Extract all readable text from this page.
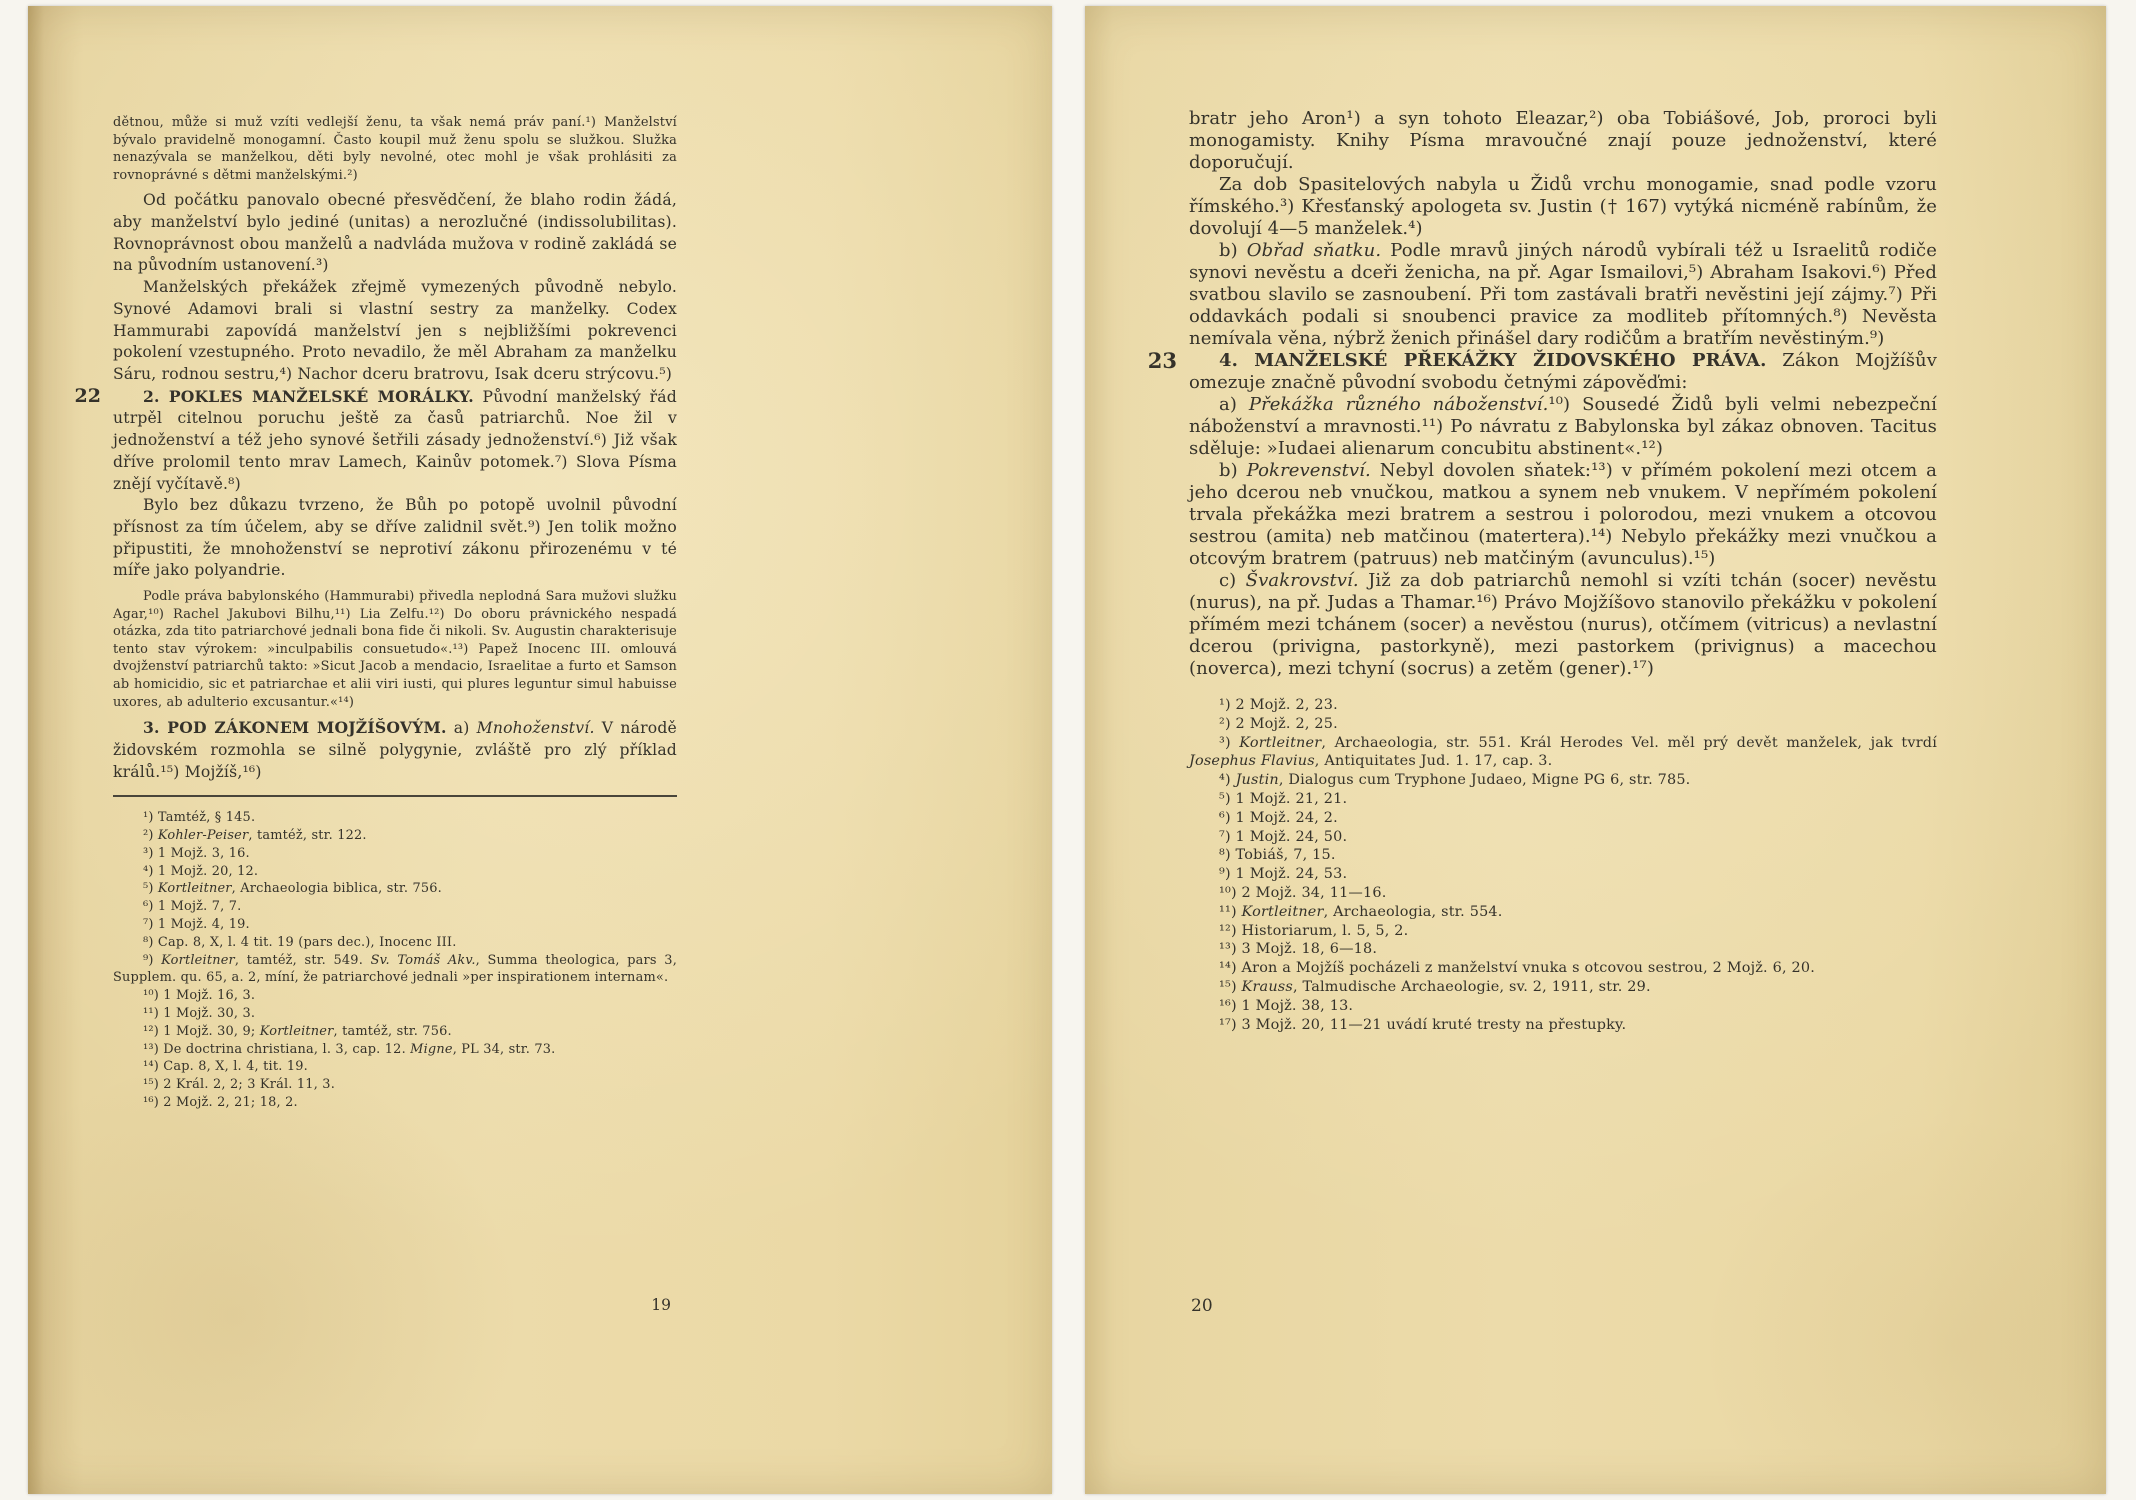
dětnou, může si muž vzíti vedlejší ženu, ta však nemá práv paní.¹) Manželství bývalo pravidelně monogamní. Často koupil muž ženu spolu se služkou. Služka nenazývala se manželkou, děti byly nevolné, otec mohl je však prohlásiti za rovnoprávné s dětmi manželskými.²)

Od počátku panovalo obecné přesvědčení, že blaho rodin žádá, aby manželství bylo jediné (unitas) a nerozlučné (indissolubilitas). Rovnoprávnost obou manželů a nadvláda mužova v rodině zakládá se na původním ustanovení.³)

Manželských překážek zřejmě vymezených původně nebylo. Synové Adamovi brali si vlastní sestry za manželky. Codex Hammurabi zapovídá manželství jen s nejbližšími pokrevenci pokolení vzestupného. Proto nevadilo, že měl Abraham za manželku Sáru, rodnou sestru,⁴) Nachor dceru bratrovu, Isak dceru strýcovu.⁵)

22	2. POKLES MANŽELSKÉ MORÁLKY. Původní manželský řád utrpěl citelnou poruchu ještě za časů patriarchů. Noe žil v jednoženství a též jeho synové šetřili zásady jednoženství.⁶) Již však dříve prolomil tento mrav Lamech, Kainův potomek.⁷) Slova Písma znějí vyčítavě.⁸)

Bylo bez důkazu tvrzeno, že Bůh po potopě uvolnil původní přísnost za tím účelem, aby se dříve zalidnil svět.⁹) Jen tolik možno připustiti, že mnohoženství se neprotiví zákonu přirozenému v té míře jako polyandrie.

Podle práva babylonského (Hammurabi) přivedla neplodná Sara mužovi služku Agar,¹⁰) Rachel Jakubovi Bilhu,¹¹) Lia Zelfu.¹²) Do oboru právnického nespadá otázka, zda tito patriarchové jednali bona fide či nikoli. Sv. Augustin charakterisuje tento stav výrokem: »inculpabilis consuetudo«.¹³) Papež Inocenc III. omlouvá dvojženství patriarchů takto: »Sicut Jacob a mendacio, Israelitae a furto et Samson ab homicidio, sic et patriarchae et alii viri iusti, qui plures leguntur simul habuisse uxores, ab adulterio excusantur.«¹⁴)

3. POD ZÁKONEM MOJŽÍŠOVÝM. a) Mnohoženství. V národě židovském rozmohla se silně polygynie, zvláště pro zlý příklad králů.¹⁵) Mojžíš,¹⁶)

¹) Tamtéž, § 145.

²) Kohler-Peiser, tamtéž, str. 122.

³) 1 Mojž. 3, 16.

⁴) 1 Mojž. 20, 12.

⁵) Kortleitner, Archaeologia biblica, str. 756.

⁶) 1 Mojž. 7, 7.

⁷) 1 Mojž. 4, 19.

⁸) Cap. 8, X, l. 4 tit. 19 (pars dec.), Inocenc III.

⁹) Kortleitner, tamtéž, str. 549. Sv. Tomáš Akv., Summa theologica, pars 3, Supplem. qu. 65, a. 2, míní, že patriarchové jednali »per inspirationem internam«.

¹⁰) 1 Mojž. 16, 3.

¹¹) 1 Mojž. 30, 3.

¹²) 1 Mojž. 30, 9; Kortleitner, tamtéž, str. 756.

¹³) De doctrina christiana, l. 3, cap. 12. Migne, PL 34, str. 73.

¹⁴) Cap. 8, X, l. 4, tit. 19.

¹⁵) 2 Král. 2, 2; 3 Král. 11, 3.

¹⁶) 2 Mojž. 2, 21; 18, 2.

19

bratr jeho Aron¹) a syn tohoto Eleazar,²) oba Tobiášové, Job, proroci byli monogamisty. Knihy Písma mravoučné znají pouze jednoženství, které doporučují.

Za dob Spasitelových nabyla u Židů vrchu monogamie, snad podle vzoru římského.³) Křesťanský apologeta sv. Justin († 167) vytýká nicméně rabínům, že dovolují 4—5 manželek.⁴)

b) Obřad sňatku. Podle mravů jiných národů vybírali též u Israelitů rodiče synovi nevěstu a dceři ženicha, na př. Agar Ismailovi,⁵) Abraham Isakovi.⁶) Před svatbou slavilo se zasnoubení. Při tom zastávali bratři nevěstini její zájmy.⁷) Při oddavkách podali si snoubenci pravice za modliteb přítomných.⁸) Nevěsta nemívala věna, nýbrž ženich přinášel dary rodičům a bratřím nevěstiným.⁹)

23 4. MANŽELSKÉ PŘEKÁŽKY ŽIDOVSKÉHO PRÁVA. Zákon Mojžíšův omezuje značně původní svobodu četnými zápověďmi:

a) Překážka různého náboženství.¹⁰) Sousedé Židů byli velmi nebezpeční náboženství a mravnosti.¹¹) Po návratu z Babylonska byl zákaz obnoven. Tacitus sděluje: »Iudaei alienarum concubitu abstinent«.¹²)

b) Pokrevenství. Nebyl dovolen sňatek:¹³) v přímém pokolení mezi otcem a jeho dcerou neb vnučkou, matkou a synem neb vnukem. V nepřímém pokolení trvala překážka mezi bratrem a sestrou i polorodou, mezi vnukem a otcovou sestrou (amita) neb matčinou (matertera).¹⁴) Nebylo překážky mezi vnučkou a otcovým bratrem (patruus) neb matčiným (avunculus).¹⁵)

c) Švakrovství. Již za dob patriarchů nemohl si vzíti tchán (socer) nevěstu (nurus), na př. Judas a Thamar.¹⁶) Právo Mojžíšovo stanovilo překážku v pokolení přímém mezi tchánem (socer) a nevěstou (nurus), otčímem (vitricus) a nevlastní dcerou (privigna, pastorkyně), mezi pastorkem (privignus) a macechou (noverca), mezi tchyní (socrus) a zetěm (gener).¹⁷)

¹) 2 Mojž. 2, 23.

²) 2 Mojž. 2, 25.

³) Kortleitner, Archaeologia, str. 551. Král Herodes Vel. měl prý devět manželek, jak tvrdí Josephus Flavius, Antiquitates Jud. 1. 17, cap. 3.

⁴) Justin, Dialogus cum Tryphone Judaeo, Migne PG 6, str. 785.

⁵) 1 Mojž. 21, 21.

⁶) 1 Mojž. 24, 2.

⁷) 1 Mojž. 24, 50.

⁸) Tobiáš, 7, 15.

⁹) 1 Mojž. 24, 53.

¹⁰) 2 Mojž. 34, 11—16.

¹¹) Kortleitner, Archaeologia, str. 554.

¹²) Historiarum, l. 5, 5, 2.

¹³) 3 Mojž. 18, 6—18.

¹⁴) Aron a Mojžíš pocházeli z manželství vnuka s otcovou sestrou, 2 Mojž. 6, 20.

¹⁵) Krauss, Talmudische Archaeologie, sv. 2, 1911, str. 29.

¹⁶) 1 Mojž. 38, 13.

¹⁷) 3 Mojž. 20, 11—21 uvádí kruté tresty na přestupky.

20
